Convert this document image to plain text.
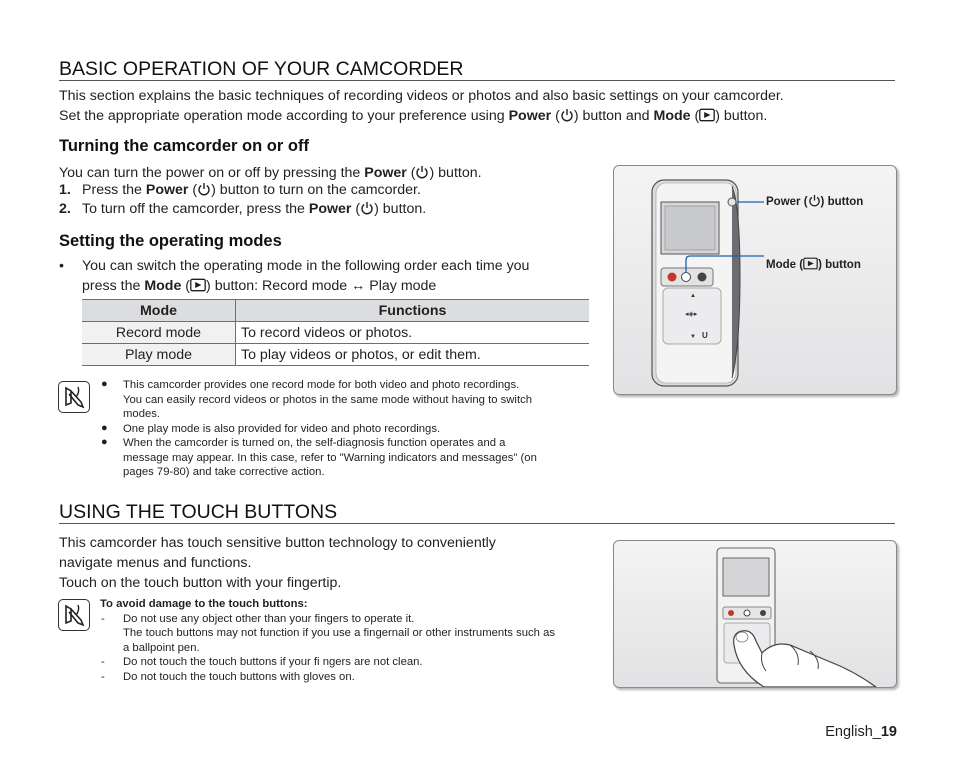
BASIC OPERATION OF YOUR CAMCORDER
This section explains the basic techniques of recording videos or photos and also basic settings on your camcorder.
Set the appropriate operation mode according to your preference using Power ( ) button and Mode ( ) button.
Turning the camcorder on or off
You can turn the power on or off by pressing the Power ( ) button.
1. Press the Power ( ) button to turn on the camcorder.
2. To turn off the camcorder, press the Power ( ) button.
Setting the operating modes
• You can switch the operating mode in the following order each time you
press the Mode ( ) button: Record mode ↔ Play mode
Mode	Functions
Record mode	To record videos or photos.
Play mode	To play videos or photos, or edit them.
● This camcorder provides one record mode for both video and photo recordings.
You can easily record videos or photos in the same mode without having to switch
modes.
● One play mode is also provided for video and photo recordings.
● When the camcorder is turned on, the self-diagnosis function operates and a
message may appear. In this case, refer to "Warning indicators and messages" (on
pages 79-80) and take corrective action.
◂◈▸
▲
▼ U
Power ( ) button
Mode ( ) button
USING THE TOUCH BUTTONS
This camcorder has touch sensitive button technology to conveniently
navigate menus and functions.
Touch on the touch button with your fingertip.
To avoid damage to the touch buttons:
- Do not use any object other than your fingers to operate it.
The touch buttons may not function if you use a fingernail or other instruments such as
a ballpoint pen.
- Do not touch the touch buttons if your fi ngers are not clean.
- Do not touch the touch buttons with gloves on.
English_19
